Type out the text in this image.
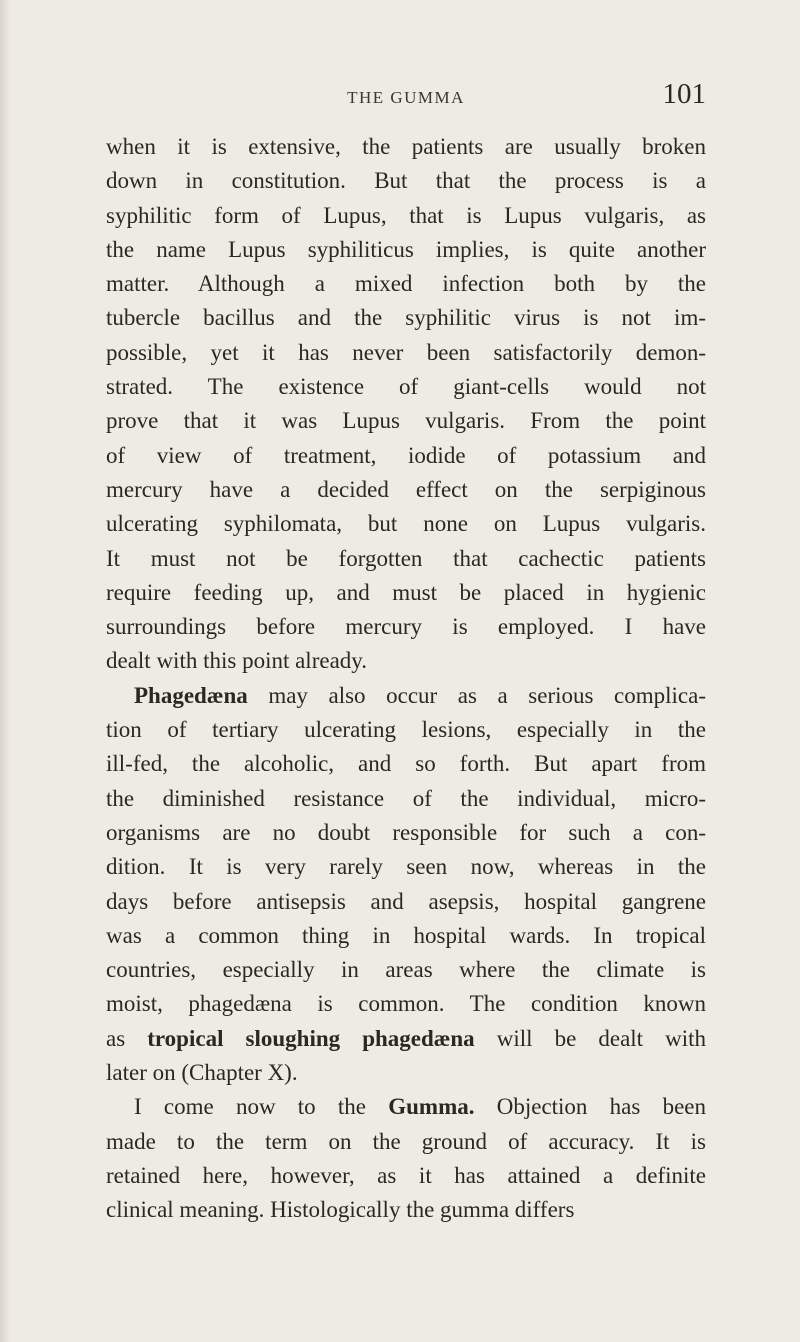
THE GUMMA	101
when it is extensive, the patients are usually broken
down in constitution. But that the process is a
syphilitic form of Lupus, that is Lupus vulgaris, as
the name Lupus syphiliticus implies, is quite another
matter. Although a mixed infection both by the
tubercle bacillus and the syphilitic virus is not im-
possible, yet it has never been satisfactorily demon-
strated. The existence of giant-cells would not
prove that it was Lupus vulgaris. From the point
of view of treatment, iodide of potassium and
mercury have a decided effect on the serpiginous
ulcerating syphilomata, but none on Lupus vulgaris.
It must not be forgotten that cachectic patients
require feeding up, and must be placed in hygienic
surroundings before mercury is employed. I have
dealt with this point already.
Phagedæna may also occur as a serious complica-
tion of tertiary ulcerating lesions, especially in the
ill-fed, the alcoholic, and so forth. But apart from
the diminished resistance of the individual, micro-
organisms are no doubt responsible for such a con-
dition. It is very rarely seen now, whereas in the
days before antisepsis and asepsis, hospital gangrene
was a common thing in hospital wards. In tropical
countries, especially in areas where the climate is
moist, phagedæna is common. The condition known
as tropical sloughing phagedæna will be dealt with
later on (Chapter X).
I come now to the Gumma. Objection has been
made to the term on the ground of accuracy. It is
retained here, however, as it has attained a definite
clinical meaning. Histologically the gumma differs
